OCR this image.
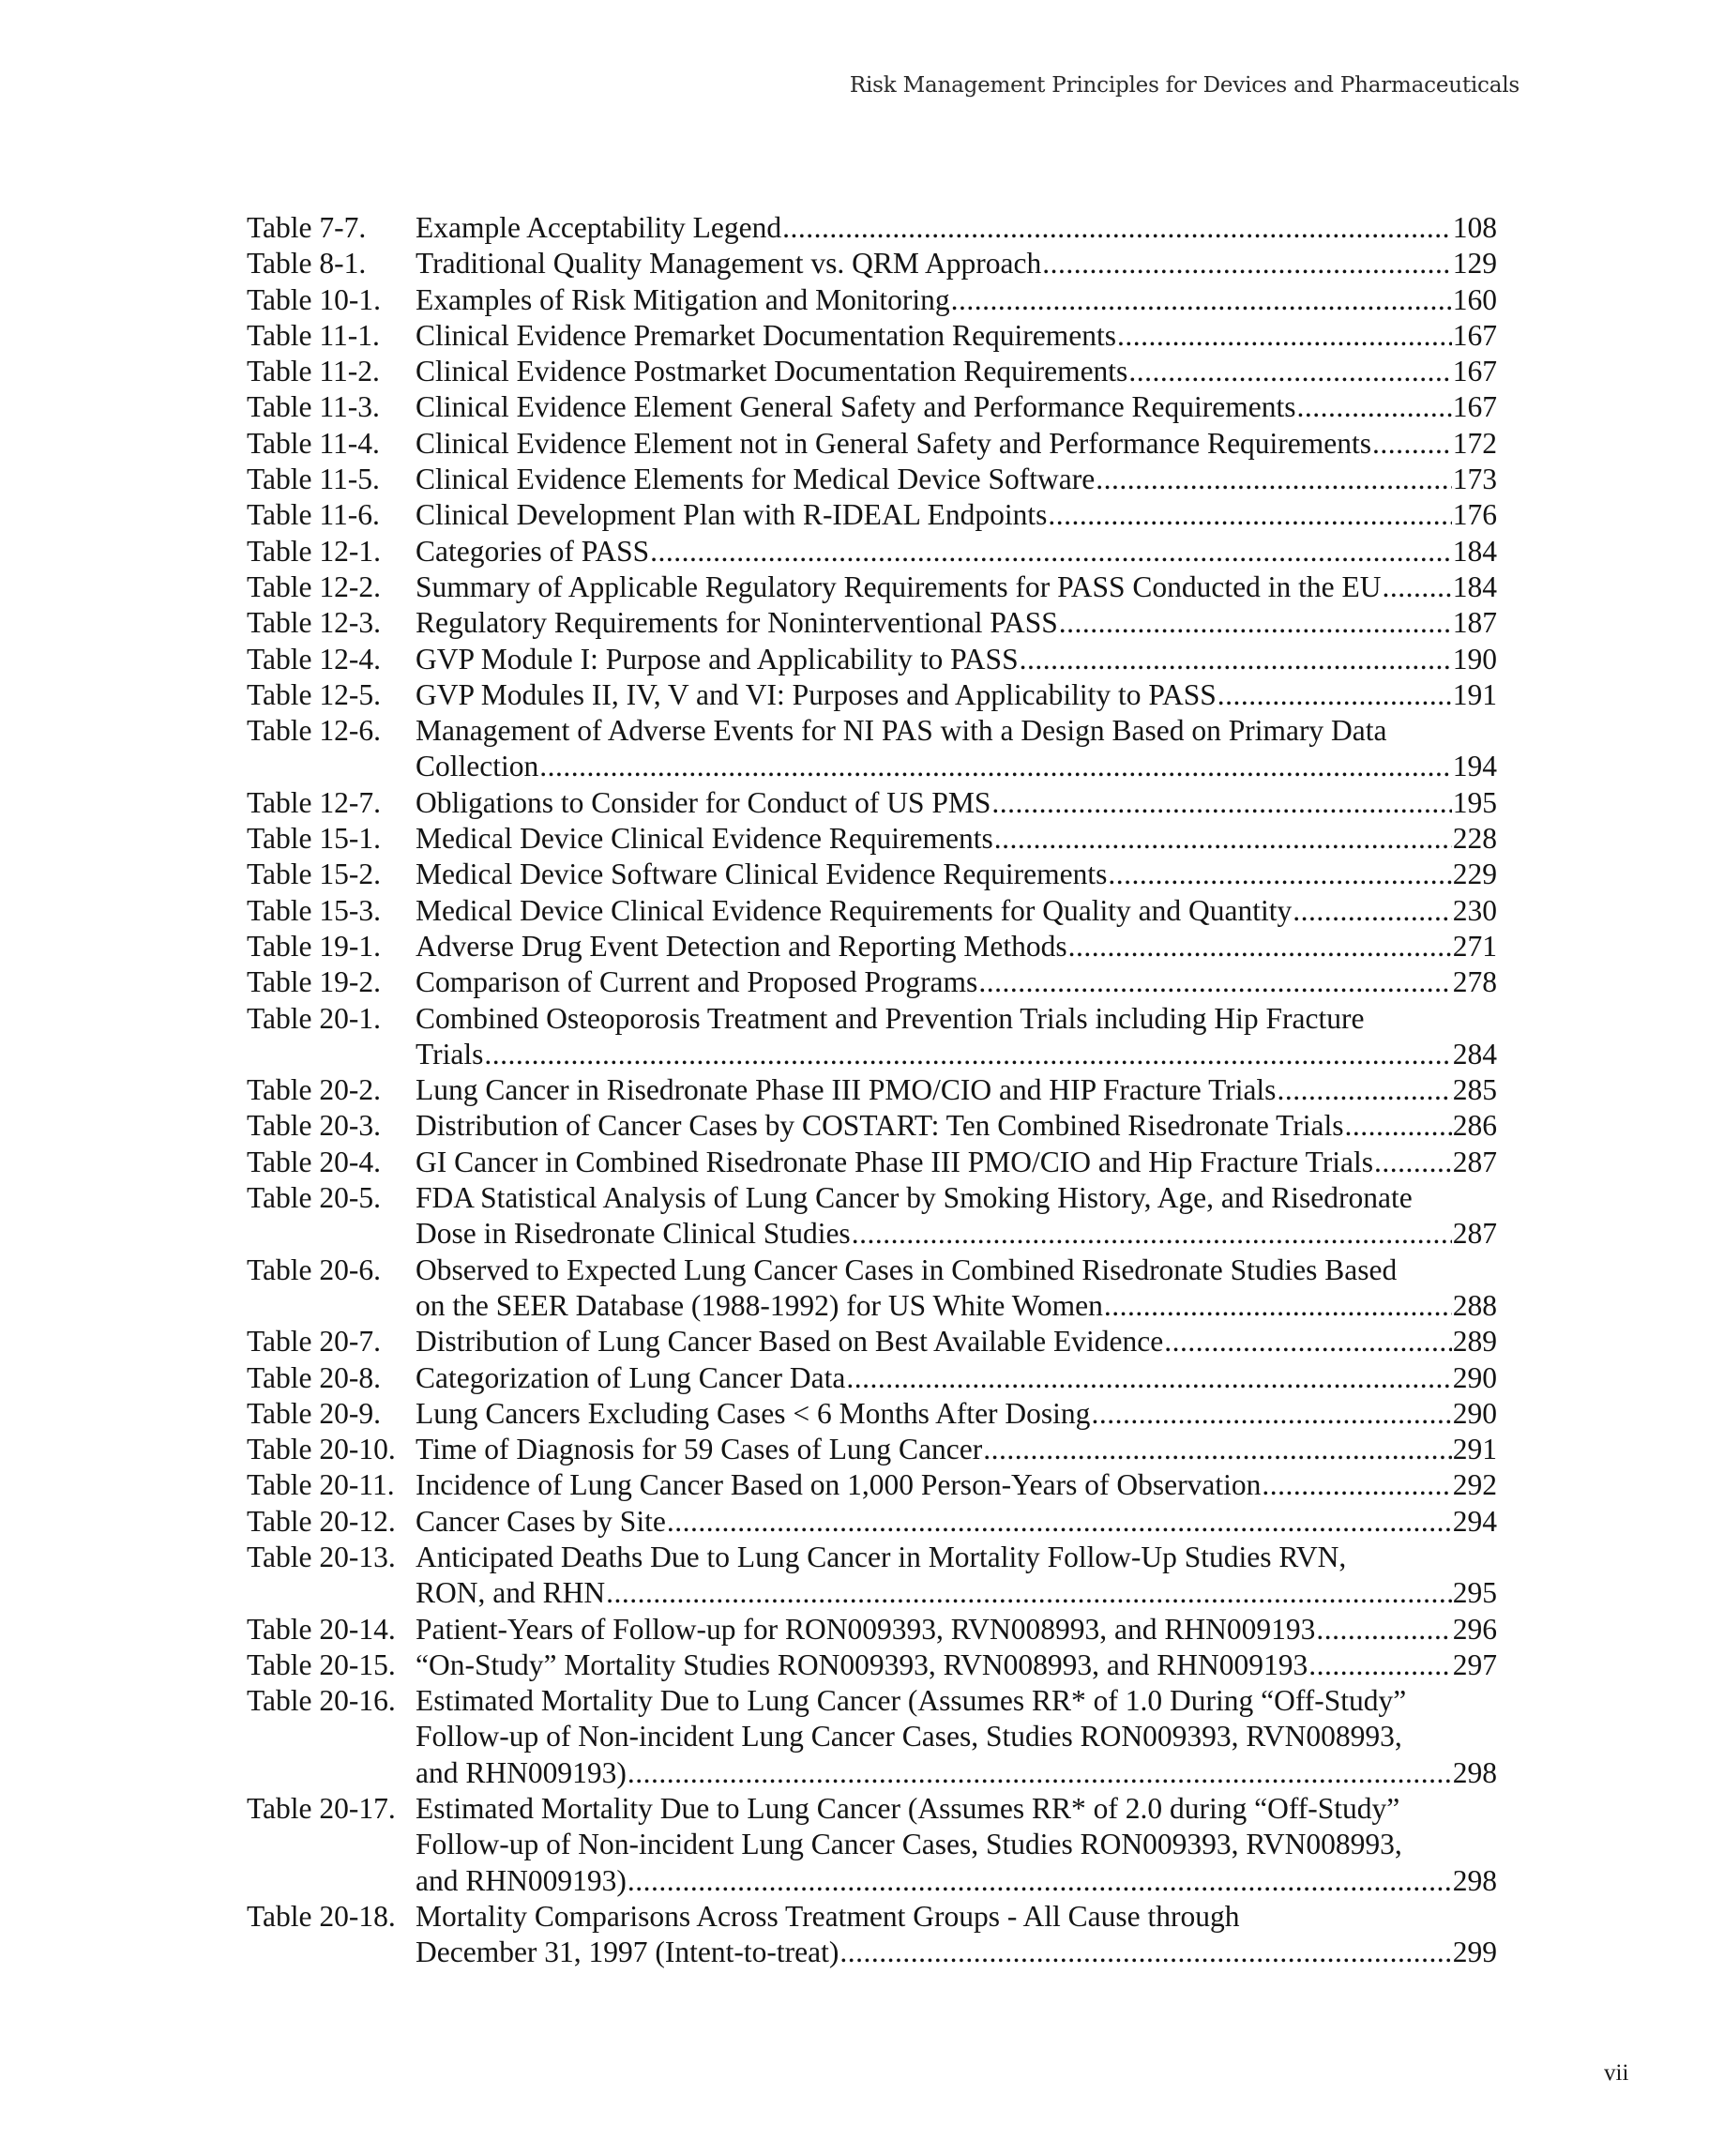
Risk Management Principles for Devices and Pharmaceuticals
Table 7-7.	Example Acceptability Legend .....	108
Table 8-1.	Traditional Quality Management vs. QRM Approach .....	129
Table 10-1.	Examples of Risk Mitigation and Monitoring .....	160
Table 11-1.	Clinical Evidence Premarket Documentation Requirements .....	167
Table 11-2.	Clinical Evidence Postmarket Documentation Requirements .....	167
Table 11-3.	Clinical Evidence Element General Safety and Performance Requirements .....	167
Table 11-4.	Clinical Evidence Element not in General Safety and Performance Requirements .....	172
Table 11-5.	Clinical Evidence Elements for Medical Device Software .....	173
Table 11-6.	Clinical Development Plan with R-IDEAL Endpoints .....	176
Table 12-1.	Categories of PASS .....	184
Table 12-2.	Summary of Applicable Regulatory Requirements for PASS Conducted in the EU ..... 184
Table 12-3.	Regulatory Requirements for Noninterventional PASS .....	187
Table 12-4.	GVP Module I: Purpose and Applicability to PASS .....	190
Table 12-5.	GVP Modules II, IV, V and VI: Purposes and Applicability to PASS .....	191
Table 12-6.	Management of Adverse Events for NI PAS with a Design Based on Primary Data
Collection .....	194
Table 12-7.	Obligations to Consider for Conduct of US PMS .....	195
Table 15-1.	Medical Device Clinical Evidence Requirements .....	228
Table 15-2.	Medical Device Software Clinical Evidence Requirements .....	229
Table 15-3.	Medical Device Clinical Evidence Requirements for Quality and Quantity .....	230
Table 19-1.	Adverse Drug Event Detection and Reporting Methods .....	271
Table 19-2.	Comparison of Current and Proposed Programs .....	278
Table 20-1.	Combined Osteoporosis Treatment and Prevention Trials including Hip Fracture
Trials .....	284
Table 20-2.	Lung Cancer in Risedronate Phase III PMO/CIO and HIP Fracture Trials .....	285
Table 20-3.	Distribution of Cancer Cases by COSTART: Ten Combined Risedronate Trials .....	286
Table 20-4.	GI Cancer in Combined Risedronate Phase III PMO/CIO and Hip Fracture Trials .....	287
Table 20-5.	FDA Statistical Analysis of Lung Cancer by Smoking History, Age, and Risedronate
Dose in Risedronate Clinical Studies .....	287
Table 20-6.	Observed to Expected Lung Cancer Cases in Combined Risedronate Studies Based
on the SEER Database (1988-1992) for US White Women .....	288
Table 20-7.	Distribution of Lung Cancer Based on Best Available Evidence .....	289
Table 20-8.	Categorization of Lung Cancer Data .....	290
Table 20-9.	Lung Cancers Excluding Cases < 6 Months After Dosing .....	290
Table 20-10. Time of Diagnosis for 59 Cases of Lung Cancer .....	291
Table 20-11. Incidence of Lung Cancer Based on 1,000 Person-Years of Observation .....	292
Table 20-12. Cancer Cases by Site .....	294
Table 20-13. Anticipated Deaths Due to Lung Cancer in Mortality Follow-Up Studies RVN,
RON, and RHN .....	295
Table 20-14. Patient-Years of Follow-up for RON009393, RVN008993, and RHN009193 .....	296
Table 20-15. “On-Study” Mortality Studies RON009393, RVN008993, and RHN009193 .....	297
Table 20-16. Estimated Mortality Due to Lung Cancer (Assumes RR* of 1.0 During “Off-Study”
Follow-up of Non-incident Lung Cancer Cases, Studies RON009393, RVN008993,
and RHN009193) .....	298
Table 20-17. Estimated Mortality Due to Lung Cancer (Assumes RR* of 2.0 during “Off-Study”
Follow-up of Non-incident Lung Cancer Cases, Studies RON009393, RVN008993,
and RHN009193) .....	298
Table 20-18. Mortality Comparisons Across Treatment Groups - All Cause through
December 31, 1997 (Intent-to-treat) .....	299
vii
